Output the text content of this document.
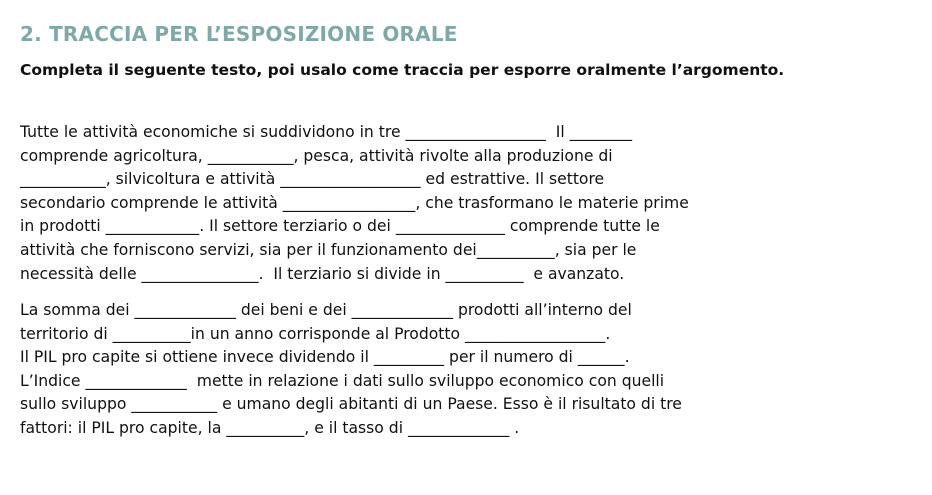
2. TRACCIA PER L’ESPOSIZIONE ORALE
Completa il seguente testo, poi usalo come traccia per esporre oralmente l’argomento.
Tutte le attività economiche si suddividono in tre __________________  Il ________
comprende agricoltura, ___________, pesca, attività rivolte alla produzione di
___________, silvicoltura e attività __________________ ed estrattive. Il settore
secondario comprende le attività _________________, che trasformano le materie prime
in prodotti ____________. Il settore terziario o dei ______________ comprende tutte le
attività che forniscono servizi, sia per il funzionamento dei__________, sia per le
necessità delle _______________.  Il terziario si divide in __________  e avanzato.
La somma dei _____________ dei beni e dei _____________ prodotti all’interno del
territorio di __________in un anno corrisponde al Prodotto __________________.
Il PIL pro capite si ottiene invece dividendo il _________ per il numero di ______.
L’Indice _____________  mette in relazione i dati sullo sviluppo economico con quelli
sullo sviluppo ___________ e umano degli abitanti di un Paese. Esso è il risultato di tre
fattori: il PIL pro capite, la __________, e il tasso di _____________ .
